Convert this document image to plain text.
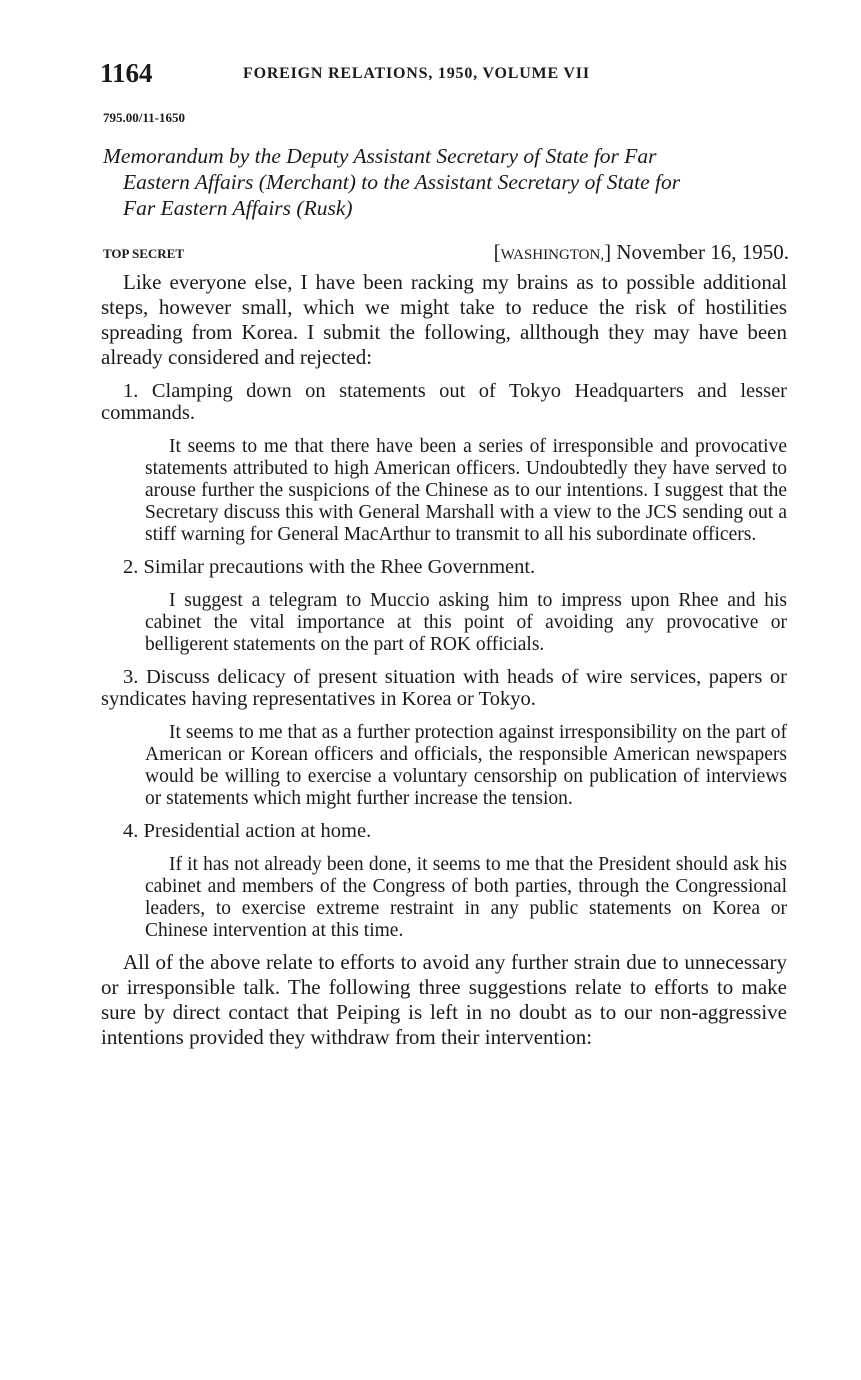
1164	FOREIGN RELATIONS, 1950, VOLUME VII
795.00/11-1650
Memorandum by the Deputy Assistant Secretary of State for Far
Eastern Affairs (Merchant) to the Assistant Secretary of State for
Far Eastern Affairs (Rusk)
TOP SECRET	[WASHINGTON,] November 16, 1950.

Like everyone else, I have been racking my brains as to possible additional steps, however small, which we might take to reduce the risk of hostilities spreading from Korea. I submit the following, allthough they may have been already considered and rejected:

1. Clamping down on statements out of Tokyo Headquarters and lesser commands.

It seems to me that there have been a series of irresponsible and provocative statements attributed to high American officers. Undoubtedly they have served to arouse further the suspicions of the Chinese as to our intentions. I suggest that the Secretary discuss this with General Marshall with a view to the JCS sending out a stiff warning for General MacArthur to transmit to all his subordinate officers.

2. Similar precautions with the Rhee Government.

I suggest a telegram to Muccio asking him to impress upon Rhee and his cabinet the vital importance at this point of avoiding any provocative or belligerent statements on the part of ROK officials.

3. Discuss delicacy of present situation with heads of wire services, papers or syndicates having representatives in Korea or Tokyo.

It seems to me that as a further protection against irresponsibility on the part of American or Korean officers and officials, the responsible American newspapers would be willing to exercise a voluntary censorship on publication of interviews or statements which might further increase the tension.

4. Presidential action at home.

If it has not already been done, it seems to me that the President should ask his cabinet and members of the Congress of both parties, through the Congressional leaders, to exercise extreme restraint in any public statements on Korea or Chinese intervention at this time.

All of the above relate to efforts to avoid any further strain due to unnecessary or irresponsible talk. The following three suggestions relate to efforts to make sure by direct contact that Peiping is left in no doubt as to our non-aggressive intentions provided they withdraw from their intervention:
